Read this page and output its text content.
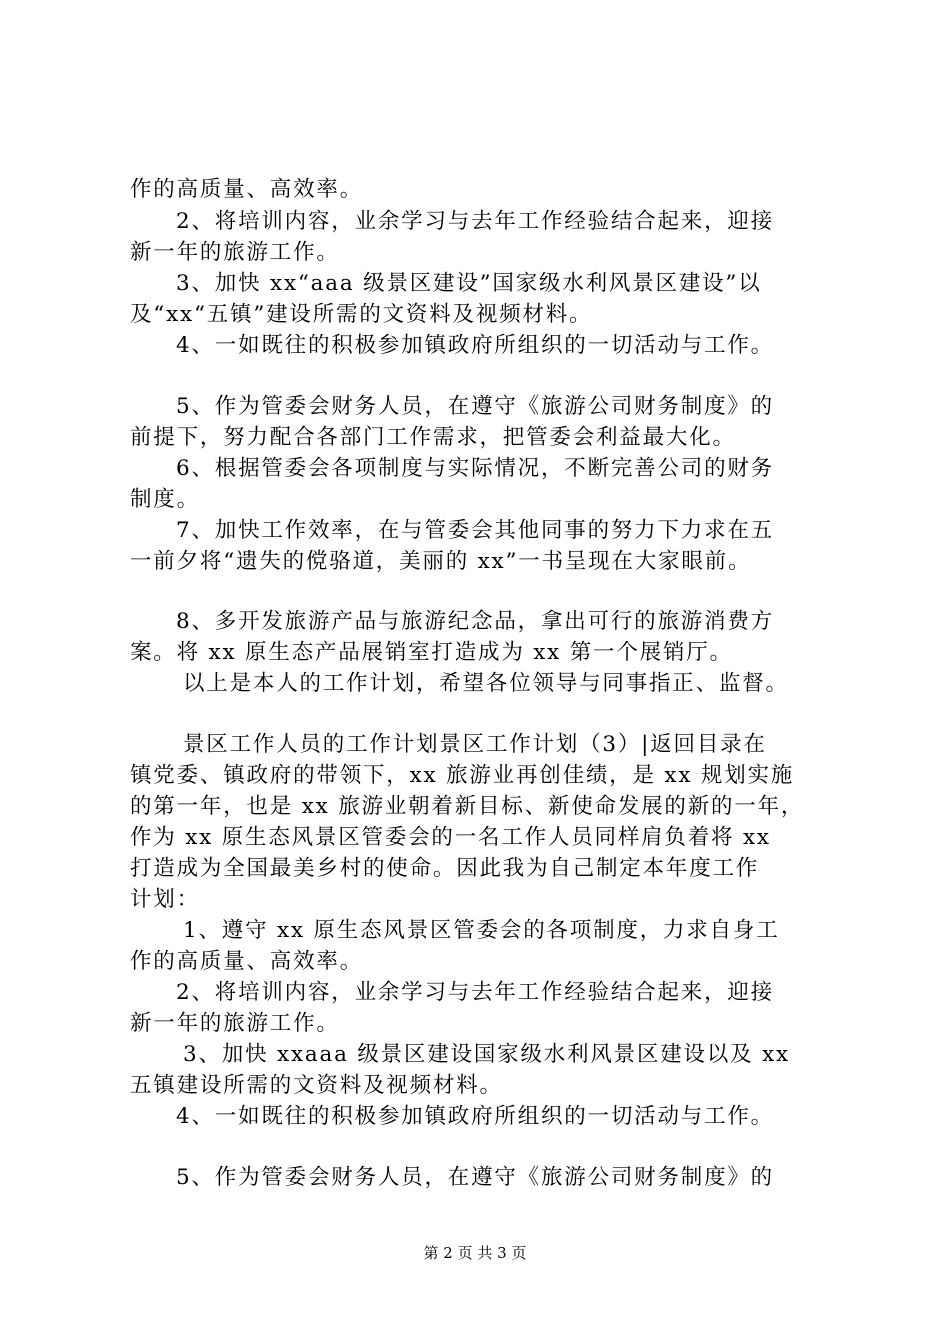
作的高质量、高效率。
2、将培训内容，业余学习与去年工作经验结合起来，迎接
新一年的旅游工作。
3、加快 xx“aaa 级景区建设”国家级水利风景区建设”以
及“xx“五镇”建设所需的文资料及视频材料。
4、一如既往的积极参加镇政府所组织的一切活动与工作。
5、作为管委会财务人员，在遵守《旅游公司财务制度》的
前提下，努力配合各部门工作需求，把管委会利益最大化。
6、根据管委会各项制度与实际情况，不断完善公司的财务
制度。
7、加快工作效率，在与管委会其他同事的努力下力求在五
一前夕将“遗失的傥骆道，美丽的 xx”一书呈现在大家眼前。
8、多开发旅游产品与旅游纪念品，拿出可行的旅游消费方
案。将 xx 原生态产品展销室打造成为 xx 第一个展销厅。
以上是本人的工作计划，希望各位领导与同事指正、监督。
景区工作人员的工作计划景区工作计划（3）|返回目录在
镇党委、镇政府的带领下，xx 旅游业再创佳绩，是 xx 规划实施
的第一年，也是 xx 旅游业朝着新目标、新使命发展的新的一年，
作为 xx 原生态风景区管委会的一名工作人员同样肩负着将 xx
打造成为全国最美乡村的使命。因此我为自己制定本年度工作
计划：
1、遵守 xx 原生态风景区管委会的各项制度，力求自身工
作的高质量、高效率。
2、将培训内容，业余学习与去年工作经验结合起来，迎接
新一年的旅游工作。
3、加快 xxaaa 级景区建设国家级水利风景区建设以及 xx
五镇建设所需的文资料及视频材料。
4、一如既往的积极参加镇政府所组织的一切活动与工作。
5、作为管委会财务人员，在遵守《旅游公司财务制度》的
第 2 页 共 3 页
